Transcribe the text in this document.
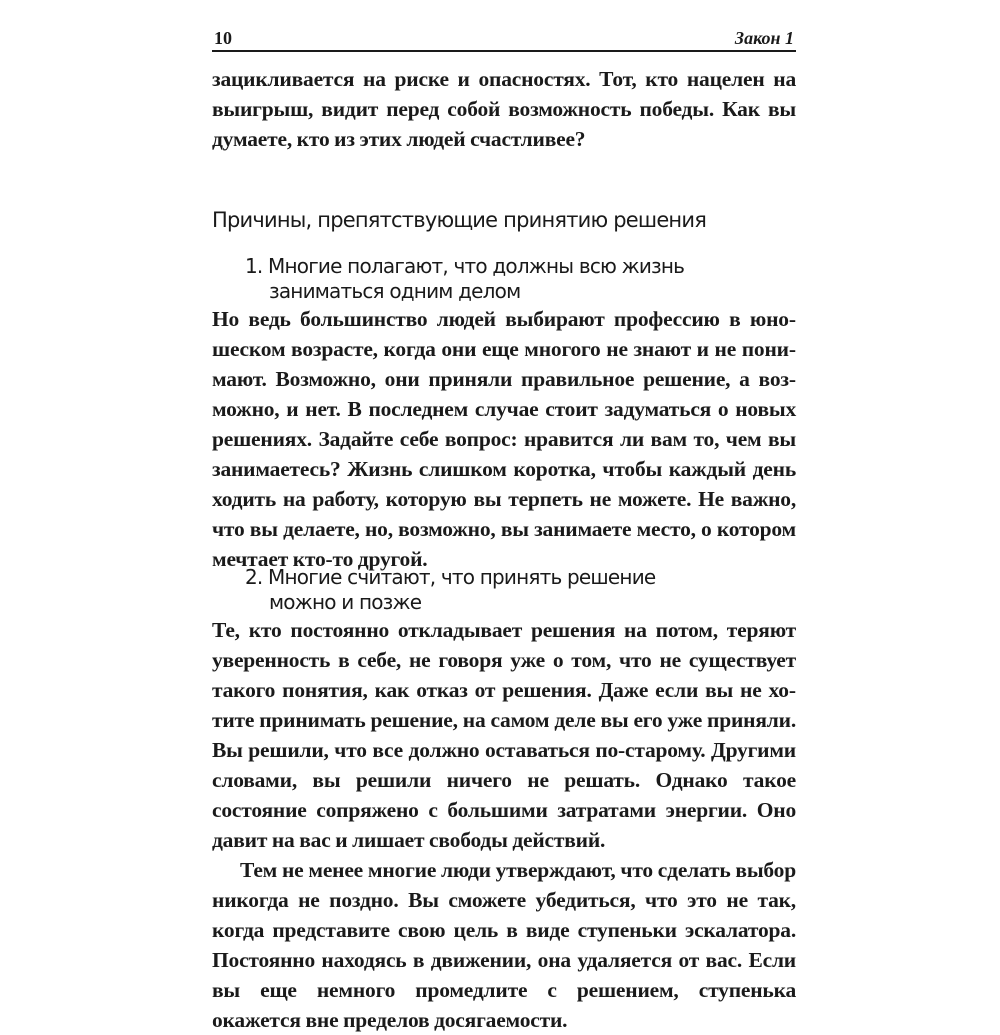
10	Закон 1

зацикливается на риске и опасностях. Тот, кто нацелен на выигрыш, видит перед собой возможность победы. Как вы думаете, кто из этих людей счастливее?

Причины, препятствующие принятию решения
1. Многие полагают, что должны всю жизнь
заниматься одним делом

Но ведь большинство людей выбирают профессию в юношеском возрасте, когда они еще многого не знают и не понимают. Возможно, они приняли правильное решение, а возможно, и нет. В последнем случае стоит задуматься о новых решениях. Задайте себе вопрос: нравится ли вам то, чем вы занимаетесь? Жизнь слишком коротка, чтобы каждый день ходить на работу, которую вы терпеть не можете. Не важно, что вы делаете, но, возможно, вы занимаете место, о котором мечтает кто-то другой.

2. Многие считают, что принять решение
можно и позже

Те, кто постоянно откладывает решения на потом, теряют уверенность в себе, не говоря уже о том, что не существует такого понятия, как отказ от решения. Даже если вы не хотите принимать решение, на самом деле вы его уже приняли. Вы решили, что все должно оставаться по-старому. Другими словами, вы решили ничего не решать. Однако такое состояние сопряжено с большими затратами энергии. Оно давит на вас и лишает свободы действий.

Тем не менее многие люди утверждают, что сделать выбор никогда не поздно. Вы сможете убедиться, что это не так, когда представите свою цель в виде ступеньки эскалатора. Постоянно находясь в движении, она удаляется от вас. Если вы еще немного промедлите с решением, ступенька окажется вне пределов досягаемости.
